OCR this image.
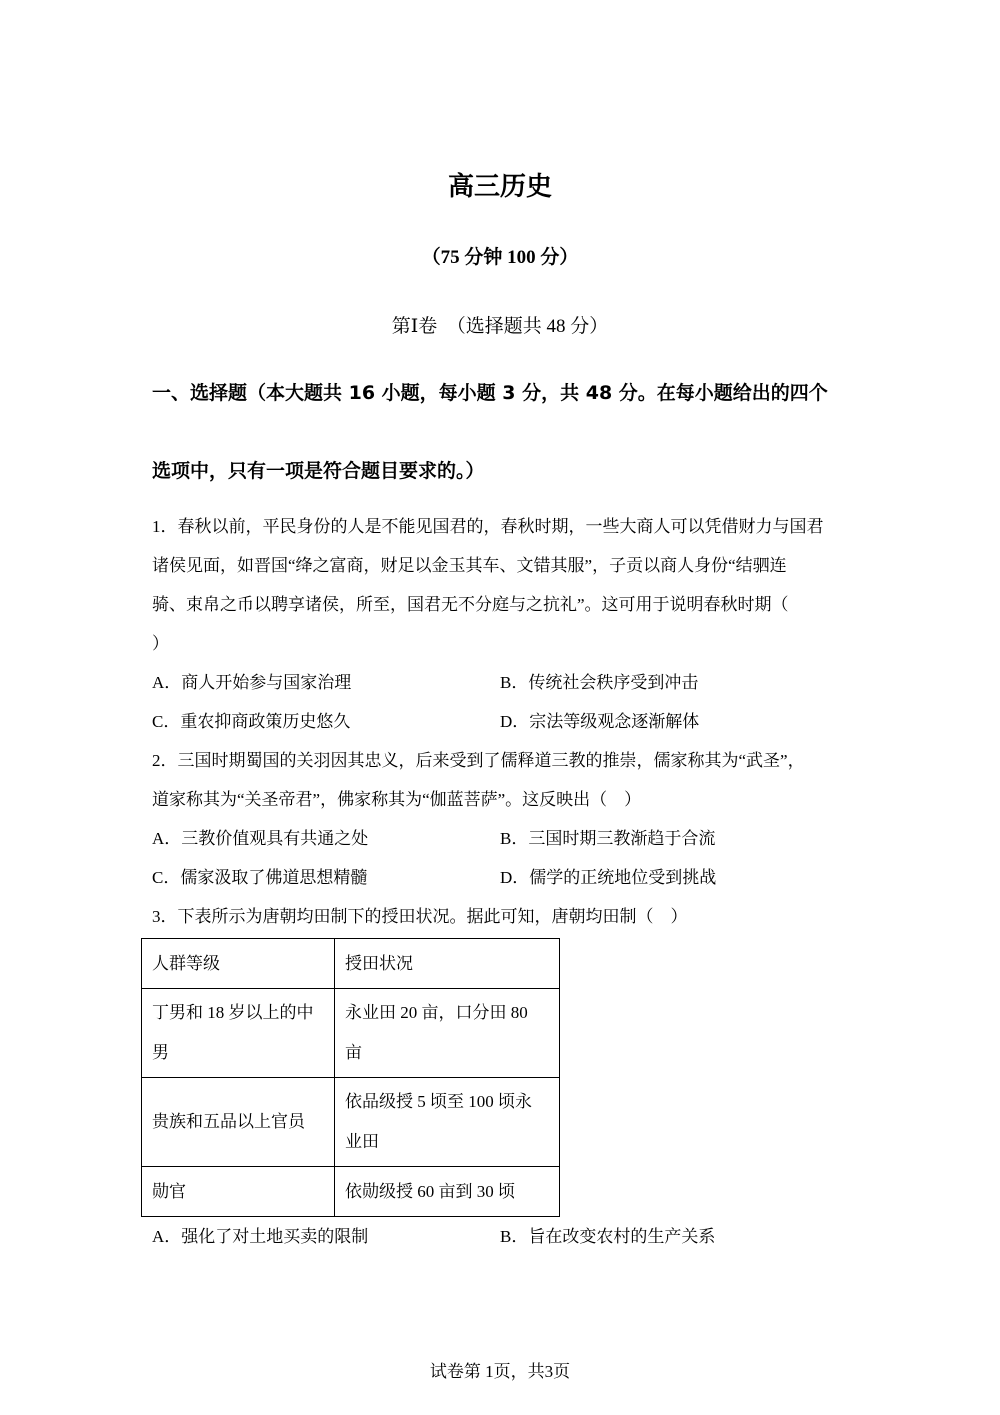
高三历史
（75 分钟 100 分）
第Ⅰ卷　（选择题共 48 分）
一、选择题（本大题共 16 小题，每小题 3 分，共 48 分。在每小题给出的四个
选项中，只有一项是符合题目要求的。）
1．春秋以前，平民身份的人是不能见国君的，春秋时期，一些大商人可以凭借财力与国君
诸侯见面，如晋国“绛之富商，财足以金玉其车、文错其服”，子贡以商人身份“结驷连
骑、束帛之币以聘享诸侯，所至，国君无不分庭与之抗礼”。这可用于说明春秋时期（
）
A．商人开始参与国家治理	B．传统社会秩序受到冲击
C．重农抑商政策历史悠久	D．宗法等级观念逐渐解体
2．三国时期蜀国的关羽因其忠义，后来受到了儒释道三教的推崇，儒家称其为“武圣”，
道家称其为“关圣帝君”，佛家称其为“伽蓝菩萨”。这反映出（　）
A．三教价值观具有共通之处	B．三国时期三教渐趋于合流
C．儒家汲取了佛道思想精髓	D．儒学的正统地位受到挑战
3．下表所示为唐朝均田制下的授田状况。据此可知，唐朝均田制（　）
人群等级	授田状况

丁男和 18 岁以上的中
男	永业田 20 亩，口分田 80
亩

贵族和五品以上官员	依品级授 5 顷至 100 顷永
业田

勋官	依勋级授 60 亩到 30 顷
A．强化了对土地买卖的限制	B．旨在改变农村的生产关系
试卷第 1页，共3页
